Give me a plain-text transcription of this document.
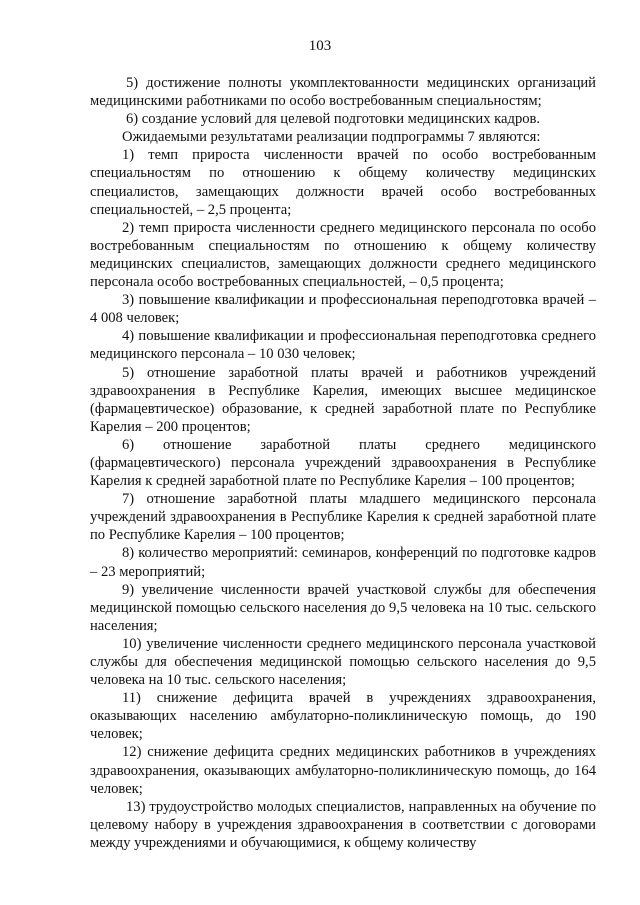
103

5) достижение полноты укомплектованности медицинских организаций медицинскими работниками по особо востребованным специальностям;

6) создание условий для целевой подготовки медицинских кадров.

Ожидаемыми результатами реализации подпрограммы 7 являются:

1) темп прироста численности врачей по особо востребованным специальностям по отношению к общему количеству медицинских специалистов, замещающих должности врачей особо востребованных специальностей, – 2,5 процента;

2) темп прироста численности среднего медицинского персонала по особо востребованным специальностям по отношению к общему количеству медицинских специалистов, замещающих должности среднего медицинского персонала особо востребованных специальностей, – 0,5 процента;

3) повышение квалификации и профессиональная переподготовка врачей – 4 008 человек;

4) повышение квалификации и профессиональная переподготовка среднего медицинского персонала – 10 030 человек;

5) отношение заработной платы врачей и работников учреждений здравоохранения в Республике Карелия, имеющих высшее медицинское (фармацевтическое) образование, к средней заработной плате по Республике Карелия – 200 процентов;

6) отношение заработной платы среднего медицинского (фармацевтического) персонала учреждений здравоохранения в Республике Карелия к средней заработной плате по Республике Карелия – 100 процентов;

7) отношение заработной платы младшего медицинского персонала учреждений здравоохранения в Республике Карелия к средней заработной плате по Республике Карелия – 100 процентов;

8) количество мероприятий: семинаров, конференций по подготовке кадров – 23 мероприятий;

9) увеличение численности врачей участковой службы для обеспечения медицинской помощью сельского населения до 9,5 человека на 10 тыс. сельского населения;

10) увеличение численности среднего медицинского персонала участковой службы для обеспечения медицинской помощью сельского населения до 9,5 человека на 10 тыс. сельского населения;

11) снижение дефицита врачей в учреждениях здравоохранения, оказывающих населению амбулаторно-поликлиническую помощь, до 190 человек;

12) снижение дефицита средних медицинских работников в учреждениях здравоохранения, оказывающих амбулаторно-поликлиническую помощь, до 164 человек;

13) трудоустройство молодых специалистов, направленных на обучение по целевому набору в учреждения здравоохранения в соответствии с договорами между учреждениями и обучающимися, к общему количеству
